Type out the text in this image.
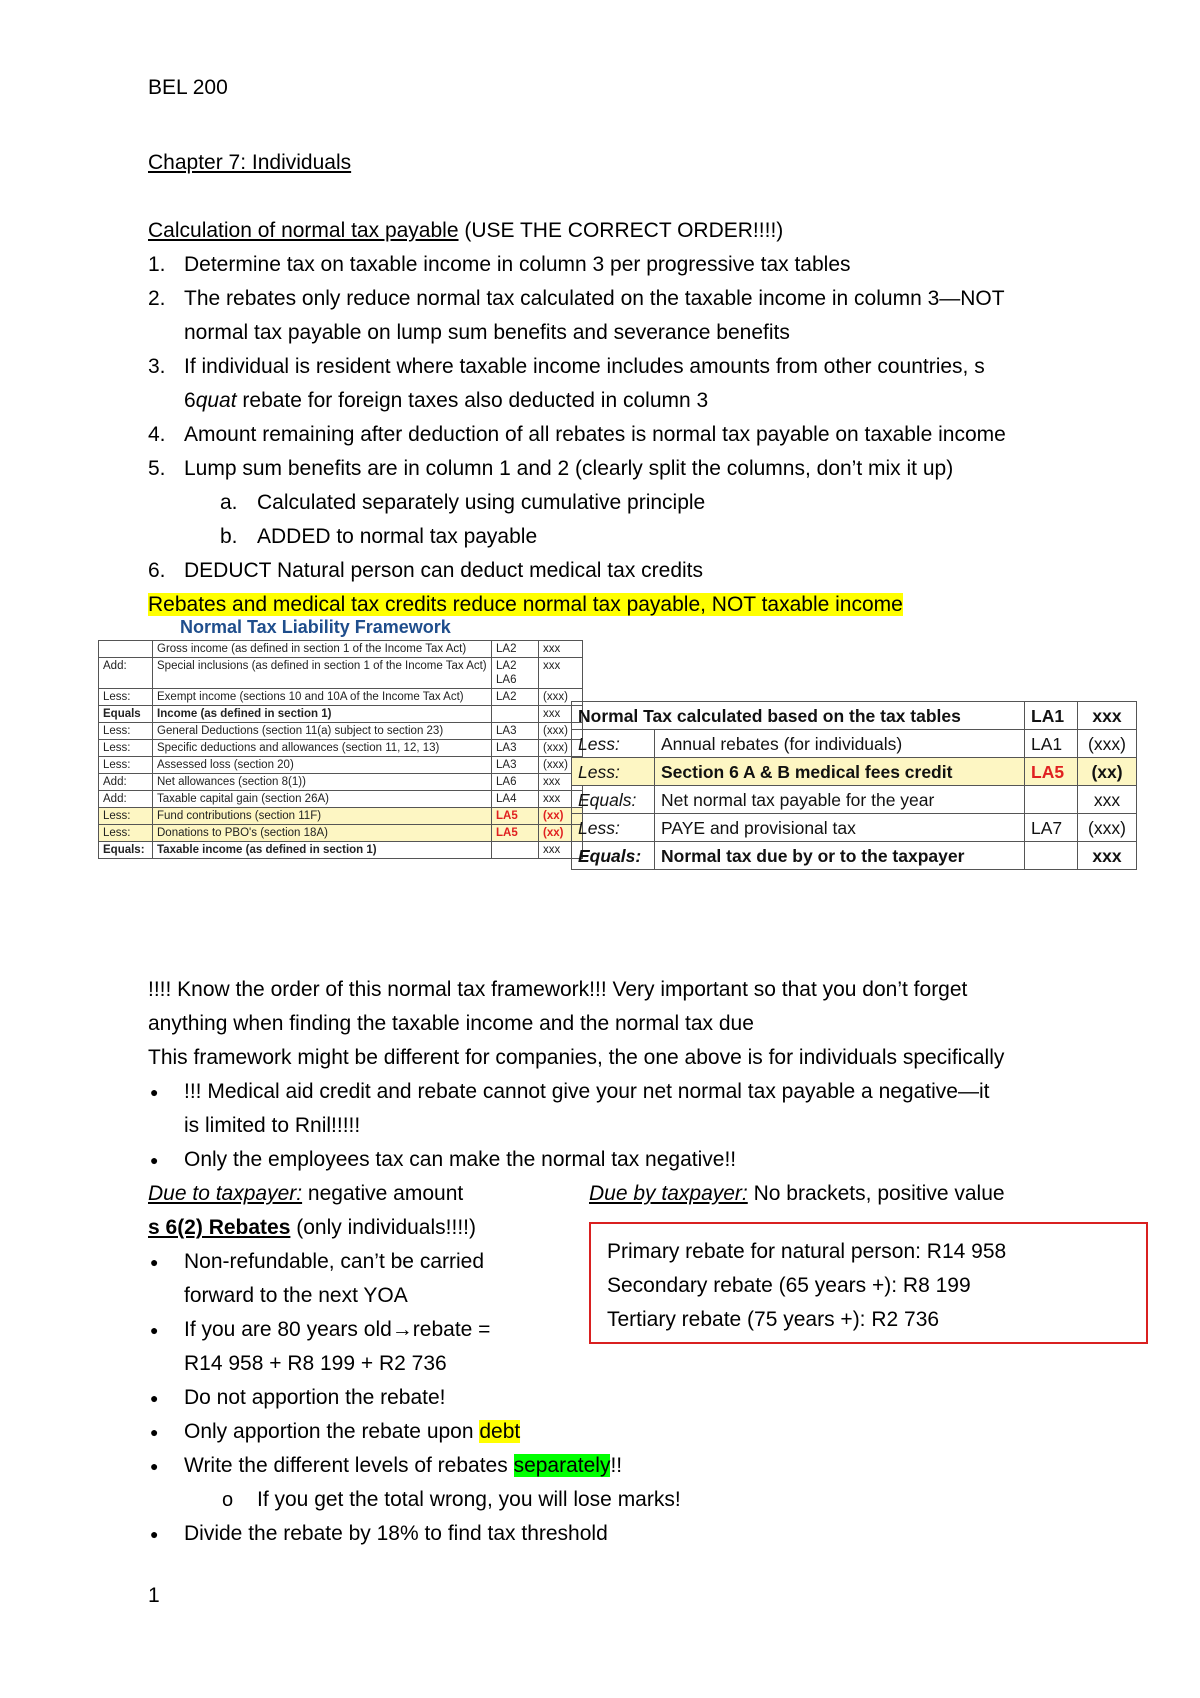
BEL 200
Chapter 7: Individuals
Calculation of normal tax payable (USE THE CORRECT ORDER!!!!)
1. Determine tax on taxable income in column 3 per progressive tax tables
2. The rebates only reduce normal tax calculated on the taxable income in column 3—NOT
normal tax payable on lump sum benefits and severance benefits
3. If individual is resident where taxable income includes amounts from other countries, s
6quat rebate for foreign taxes also deducted in column 3
4. Amount remaining after deduction of all rebates is normal tax payable on taxable income
5. Lump sum benefits are in column 1 and 2 (clearly split the columns, don’t mix it up)
a. Calculated separately using cumulative principle
b. ADDED to normal tax payable
6. DEDUCT Natural person can deduct medical tax credits
Rebates and medical tax credits reduce normal tax payable, NOT taxable income
Normal Tax Liability Framework
	Gross income (as defined in section 1 of the Income Tax Act)	LA2	xxx
Add:	Special inclusions (as defined in section 1 of the Income Tax Act)	LA2 LA6	xxx
Less:	Exempt income (sections 10 and 10A of the Income Tax Act)	LA2	(xxx)
Equals	Income (as defined in section 1)		xxx
Less:	General Deductions (section 11(a) subject to section 23)	LA3	(xxx)
Less:	Specific deductions and allowances (section 11, 12, 13)	LA3	(xxx)
Less:	Assessed loss (section 20)	LA3	(xxx)
Add:	Net allowances (section 8(1))	LA6	xxx
Add:	Taxable capital gain (section 26A)	LA4	xxx
Less:	Fund contributions (section 11F)	LA5	(xx)
Less:	Donations to PBO's (section 18A)	LA5	(xx)
Equals:	Taxable income (as defined in section 1)		xxx
Normal Tax calculated based on the tax tables		LA1	xxx
Less:	Annual rebates (for individuals)	LA1	(xxx)
Less:	Section 6 A & B medical fees credit	LA5	(xx)
Equals:	Net normal tax payable for the year		xxx
Less:	PAYE and provisional tax	LA7	(xxx)
Equals:	Normal tax due by or to the taxpayer		xxx
!!!! Know the order of this normal tax framework!!! Very important so that you don’t forget
anything when finding the taxable income and the normal tax due
This framework might be different for companies, the one above is for individuals specifically
● !!! Medical aid credit and rebate cannot give your net normal tax payable a negative—it
is limited to Rnil!!!!!
● Only the employees tax can make the normal tax negative!!
Due to taxpayer: negative amount	Due by taxpayer: No brackets, positive value
s 6(2) Rebates (only individuals!!!!)
● Non-refundable, can’t be carried
forward to the next YOA
● If you are 80 years old→rebate =
R14 958 + R8 199 + R2 736
● Do not apportion the rebate!
● Only apportion the rebate upon debt
● Write the different levels of rebates separately!!
o If you get the total wrong, you will lose marks!
● Divide the rebate by 18% to find tax threshold
Primary rebate for natural person: R14 958
Secondary rebate (65 years +): R8 199
Tertiary rebate (75 years +): R2 736
1
